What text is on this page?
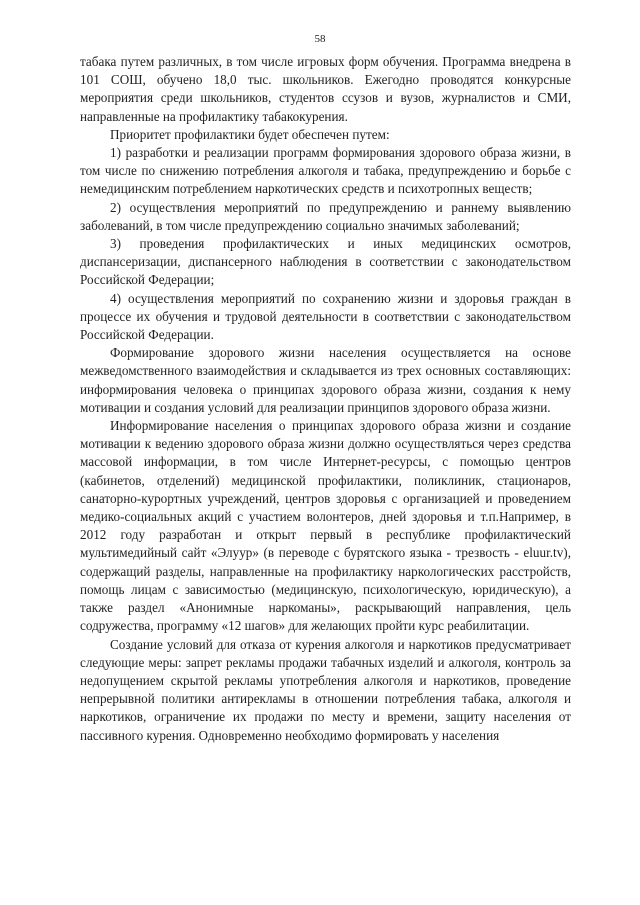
58

табака путем различных, в том числе игровых форм обучения. Программа внедрена в 101 СОШ, обучено 18,0 тыс. школьников. Ежегодно проводятся конкурсные мероприятия среди школьников, студентов ссузов и вузов, журналистов и СМИ, направленные на профилактику табакокурения.

Приоритет профилактики будет обеспечен путем:

1) разработки и реализации программ формирования здорового образа жизни, в том числе по снижению потребления алкоголя и табака, предупреждению и борьбе с немедицинским потреблением наркотических средств и психотропных веществ;

2) осуществления мероприятий по предупреждению и раннему выявлению заболеваний, в том числе предупреждению социально значимых заболеваний;

3) проведения профилактических и иных медицинских осмотров, диспансеризации, диспансерного наблюдения в соответствии с законодательством Российской Федерации;

4) осуществления мероприятий по сохранению жизни и здоровья граждан в процессе их обучения и трудовой деятельности в соответствии с законодательством Российской Федерации.

Формирование здорового жизни населения осуществляется на основе межведомственного взаимодействия и складывается из трех основных составляющих: информирования человека о принципах здорового образа жизни, создания к нему мотивации и создания условий для реализации принципов здорового образа жизни.

Информирование населения о принципах здорового образа жизни и создание мотивации к ведению здорового образа жизни должно осуществляться через средства массовой информации, в том числе Интернет-ресурсы, с помощью центров (кабинетов, отделений) медицинской профилактики, поликлиник, стационаров, санаторно-курортных учреждений, центров здоровья с организацией и проведением медико-социальных акций с участием волонтеров, дней здоровья и т.п.Например, в 2012 году разработан и открыт первый в республике профилактический мультимедийный сайт «Элуур» (в переводе с бурятского языка - трезвость - eluur.tv), содержащий разделы, направленные на профилактику наркологических расстройств, помощь лицам с зависимостью (медицинскую, психологическую, юридическую), а также раздел «Анонимные наркоманы», раскрывающий направления, цель содружества, программу «12 шагов» для желающих пройти курс реабилитации.

Создание условий для отказа от курения алкоголя и наркотиков предусматривает следующие меры: запрет рекламы продажи табачных изделий и алкоголя, контроль за недопущением скрытой рекламы употребления алкоголя и наркотиков, проведение непрерывной политики антирекламы в отношении потребления табака, алкоголя и наркотиков, ограничение их продажи по месту и времени, защиту населения от пассивного курения. Одновременно необходимо формировать у населения
